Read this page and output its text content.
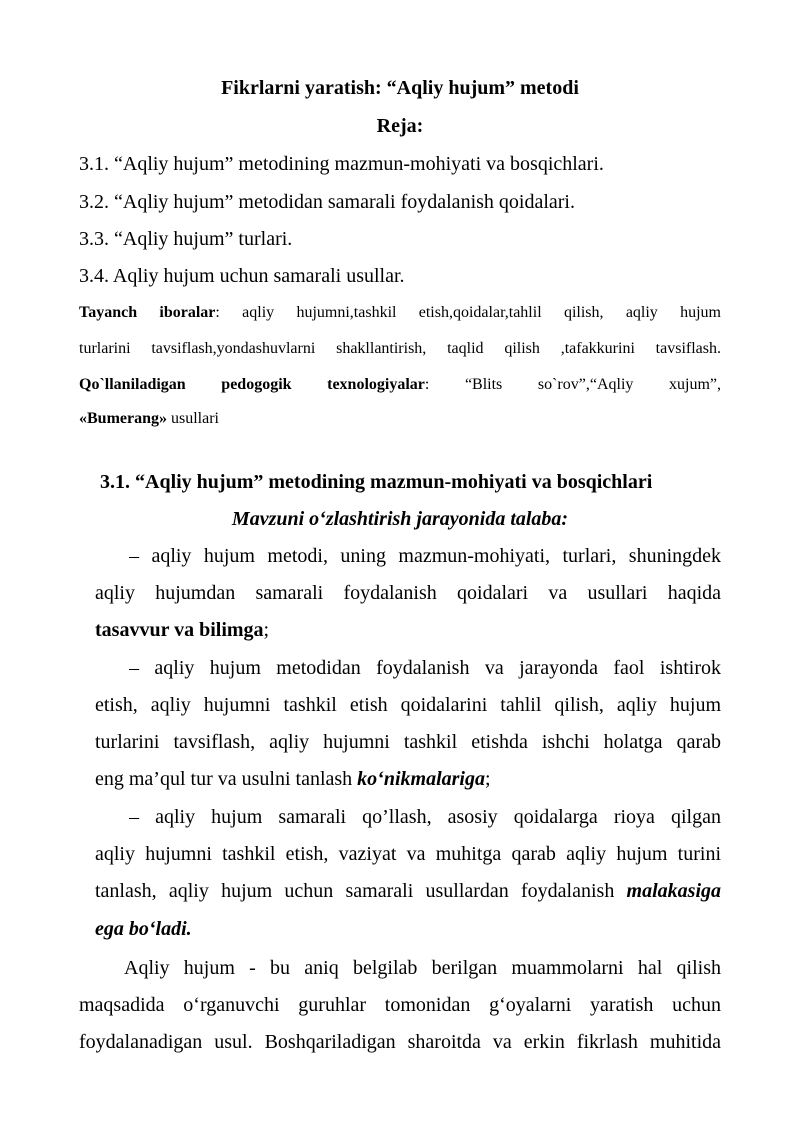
Fikrlarni yaratish: “Aqliy hujum” metodi
Reja:
3.1. “Aqliy hujum” metodining mazmun-mohiyati va bosqichlari.
3.2. “Aqliy hujum” metodidan samarali foydalanish qoidalari.
3.3. “Aqliy hujum” turlari.
3.4. Aqliy hujum uchun samarali usullar.
Tayanch iboralar: aqliy hujumni,tashkil etish,qoidalar,tahlil qilish, aqliy hujum
turlarini tavsiflash,yondashuvlarni shakllantirish, taqlid qilish ,tafakkurini tavsiflash.
Qo`llaniladigan pedogogik texnologiyalar: “Blits so`rov”,“Aqliy xujum”,
«Bumerang» usullari
3.1. “Aqliy hujum” metodining mazmun-mohiyati va bosqichlari
Mavzuni o‘zlashtirish jarayonida talaba:
– aqliy hujum metodi, uning mazmun-mohiyati, turlari, shuningdek
aqliy hujumdan samarali foydalanish qoidalari va usullari haqida
tasavvur va bilimga;
– aqliy hujum metodidan foydalanish va jarayonda faol ishtirok
etish, aqliy hujumni tashkil etish qoidalarini tahlil qilish, aqliy hujum
turlarini tavsiflash, aqliy hujumni tashkil etishda ishchi holatga qarab
eng ma’qul tur va usulni tanlash ko‘nikmalariga;
– aqliy hujum samarali qo’llash, asosiy qoidalarga rioya qilgan
aqliy hujumni tashkil etish, vaziyat va muhitga qarab aqliy hujum turini
tanlash, aqliy hujum uchun samarali usullardan foydalanish malakasiga
ega bo‘ladi.
Aqliy hujum - bu aniq belgilab berilgan muammolarni hal qilish
maqsadida o‘rganuvchi guruhlar tomonidan g‘oyalarni yaratish uchun
foydalanadigan usul. Boshqariladigan sharoitda va erkin fikrlash muhitida
